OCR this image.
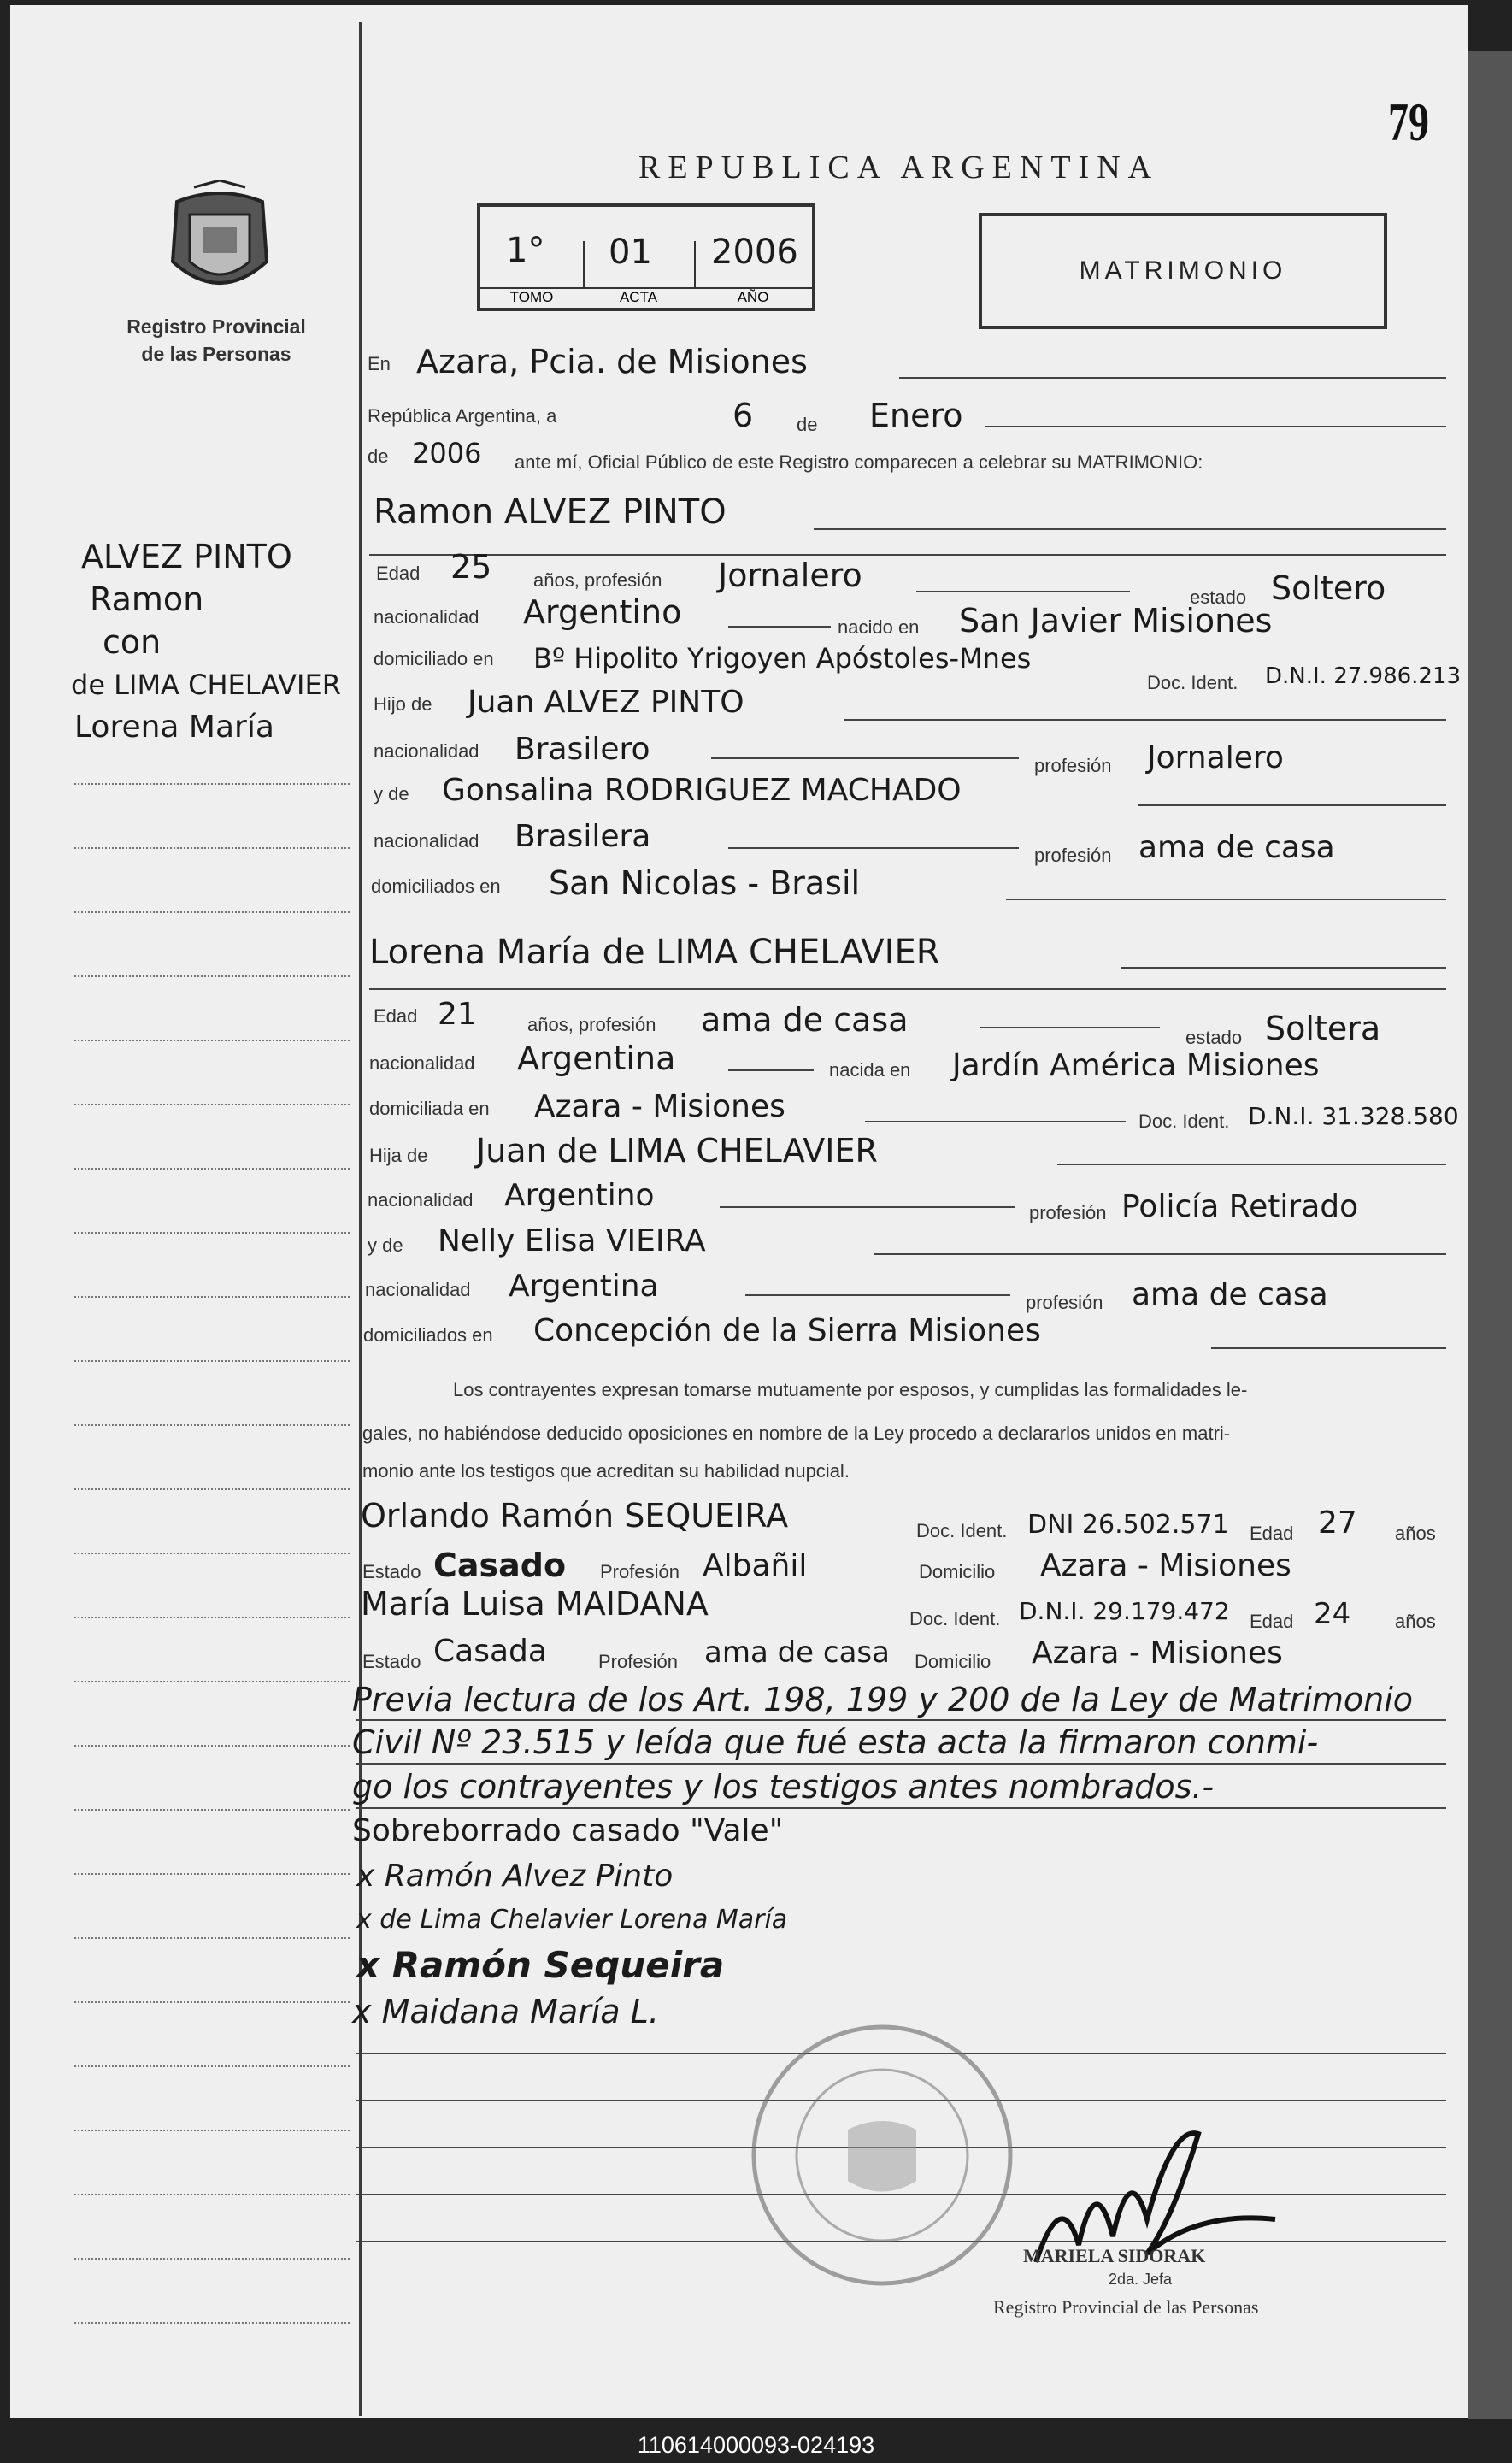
Registro Provincial
de las Personas
REPUBLICA ARGENTINA
79
1° 01 2006
TOMO	ACTA	AÑO
MATRIMONIO
ALVEZ PINTO
Ramon
con
de LIMA CHELAVIER
Lorena María
En Azara, Pcia. de Misiones
República Argentina, a	6 de Enero
de 2006 ante mí, Oficial Público de este Registro comparecen a celebrar su MATRIMONIO:
Ramon ALVEZ PINTO
Edad 25 años, profesión Jornalero
estado Soltero
nacionalidad Argentino	nacido en San Javier Misiones
domiciliado en Bº Hipolito Yrigoyen Apóstoles-Mnes
Doc. Ident. D.N.I. 27.986.213
Hijo de Juan ALVEZ PINTO
nacionalidad Brasilero	profesión Jornalero
y de Gonsalina RODRIGUEZ MACHADO
nacionalidad Brasilera
profesión ama de casa
domiciliados en San Nicolas - Brasil
Lorena María de LIMA CHELAVIER
Edad 21	años, profesión ama de casa	estado Soltera
nacionalidad Argentina	nacida en Jardín América Misiones
domiciliada en Azara - Misiones	Doc. Ident. D.N.I. 31.328.580
Hija de Juan de LIMA CHELAVIER
nacionalidad Argentino	profesión Policía Retirado
y de Nelly Elisa VIEIRA
nacionalidad Argentina	profesión ama de casa
domiciliados en Concepción de la Sierra Misiones
Los contrayentes expresan tomarse mutuamente por esposos, y cumplidas las formalidades le-
gales, no habiéndose deducido oposiciones en nombre de la Ley procedo a declararlos unidos en matri-
monio ante los testigos que acreditan su habilidad nupcial.
Orlando Ramón SEQUEIRA	Doc. Ident. DNI 26.502.571 Edad 27 años
Estado Casado Profesión Albañil	Domicilio Azara - Misiones
María Luisa MAIDANA	Doc. Ident. D.N.I. 29.179.472 Edad 24 años
Estado Casada	Profesión ama de casa Domicilio Azara - Misiones
Previa lectura de los Art. 198, 199 y 200 de la Ley de Matrimonio
Civil Nº 23.515 y leída que fué esta acta la firmaron conmi-
go los contrayentes y los testigos antes nombrados.-
Sobreborrado casado "Vale"
x Ramón Alvez Pinto
x de Lima Chelavier Lorena María
x Ramón Sequeira
x Maidana María L.
MARIELA SIDORAK
2da. Jefa
Registro Provincial de las Personas
110614000093-024193
